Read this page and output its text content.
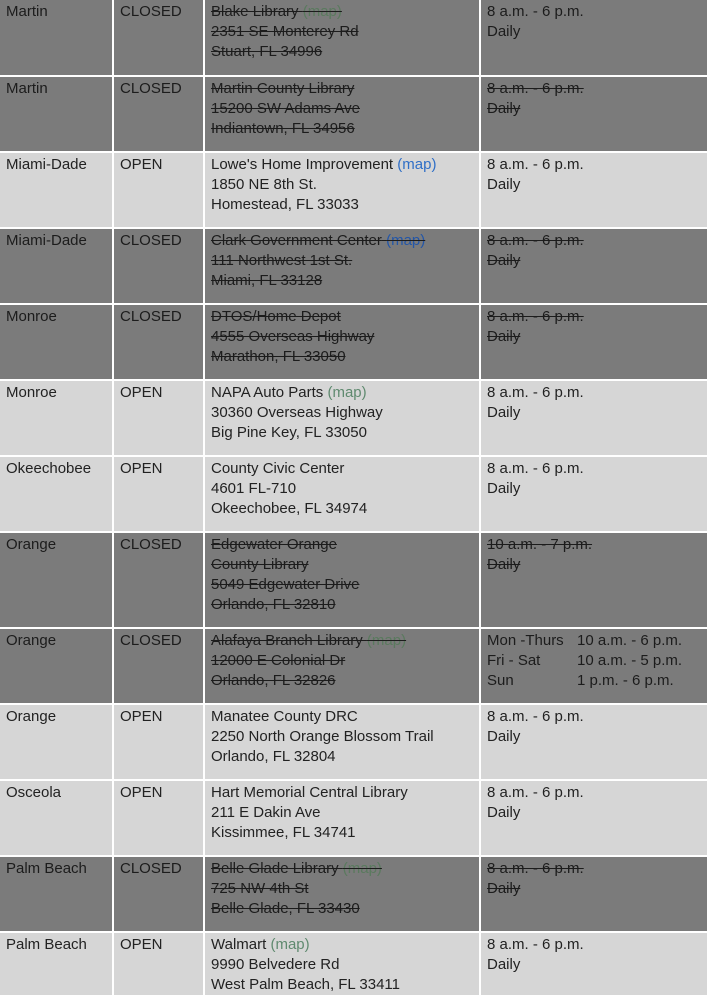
Martin	CLOSED	Blake Library (map)
2351 SE Monterey Rd
Stuart, FL 34996	8 a.m. - 6 p.m.
Daily

Martin	CLOSED	Martin County Library
15200 SW Adams Ave
Indiantown, FL 34956	8 a.m. - 6 p.m.
Daily

Miami-Dade	OPEN	Lowe's Home Improvement (map)
1850 NE 8th St.
Homestead, FL 33033	8 a.m. - 6 p.m.
Daily

Miami-Dade	CLOSED	Clark Government Center (map)
111 Northwest 1st St.
Miami, FL 33128	8 a.m. - 6 p.m.
Daily

Monroe	CLOSED	DTOS/Home Depot
4555 Overseas Highway
Marathon, FL 33050	8 a.m. - 6 p.m.
Daily

Monroe	OPEN	NAPA Auto Parts (map)
30360 Overseas Highway
Big Pine Key, FL 33050	8 a.m. - 6 p.m.
Daily

Okeechobee	OPEN	County Civic Center
4601 FL-710
Okeechobee, FL 34974	8 a.m. - 6 p.m.
Daily

Orange	CLOSED	Edgewater Orange
County Library
5049 Edgewater Drive
Orlando, FL 32810	10 a.m. - 7 p.m.
Daily

Orange	CLOSED	Alafaya Branch Library (map)
12000 E Colonial Dr
Orlando, FL 32826	Mon -Thurs 10 a.m. - 6 p.m.
Fri - Sat 10 a.m. - 5 p.m.
Sun 1 p.m. - 6 p.m.

Orange	OPEN	Manatee County DRC
2250 North Orange Blossom Trail
Orlando, FL 32804	8 a.m. - 6 p.m.
Daily

Osceola	OPEN	Hart Memorial Central Library
211 E Dakin Ave
Kissimmee, FL 34741	8 a.m. - 6 p.m.
Daily

Palm Beach	CLOSED	Belle Glade Library (map)
725 NW 4th St
Belle Glade, FL 33430	8 a.m. - 6 p.m.
Daily

Palm Beach	OPEN	Walmart (map)
9990 Belvedere Rd
West Palm Beach, FL 33411	8 a.m. - 6 p.m.
Daily
